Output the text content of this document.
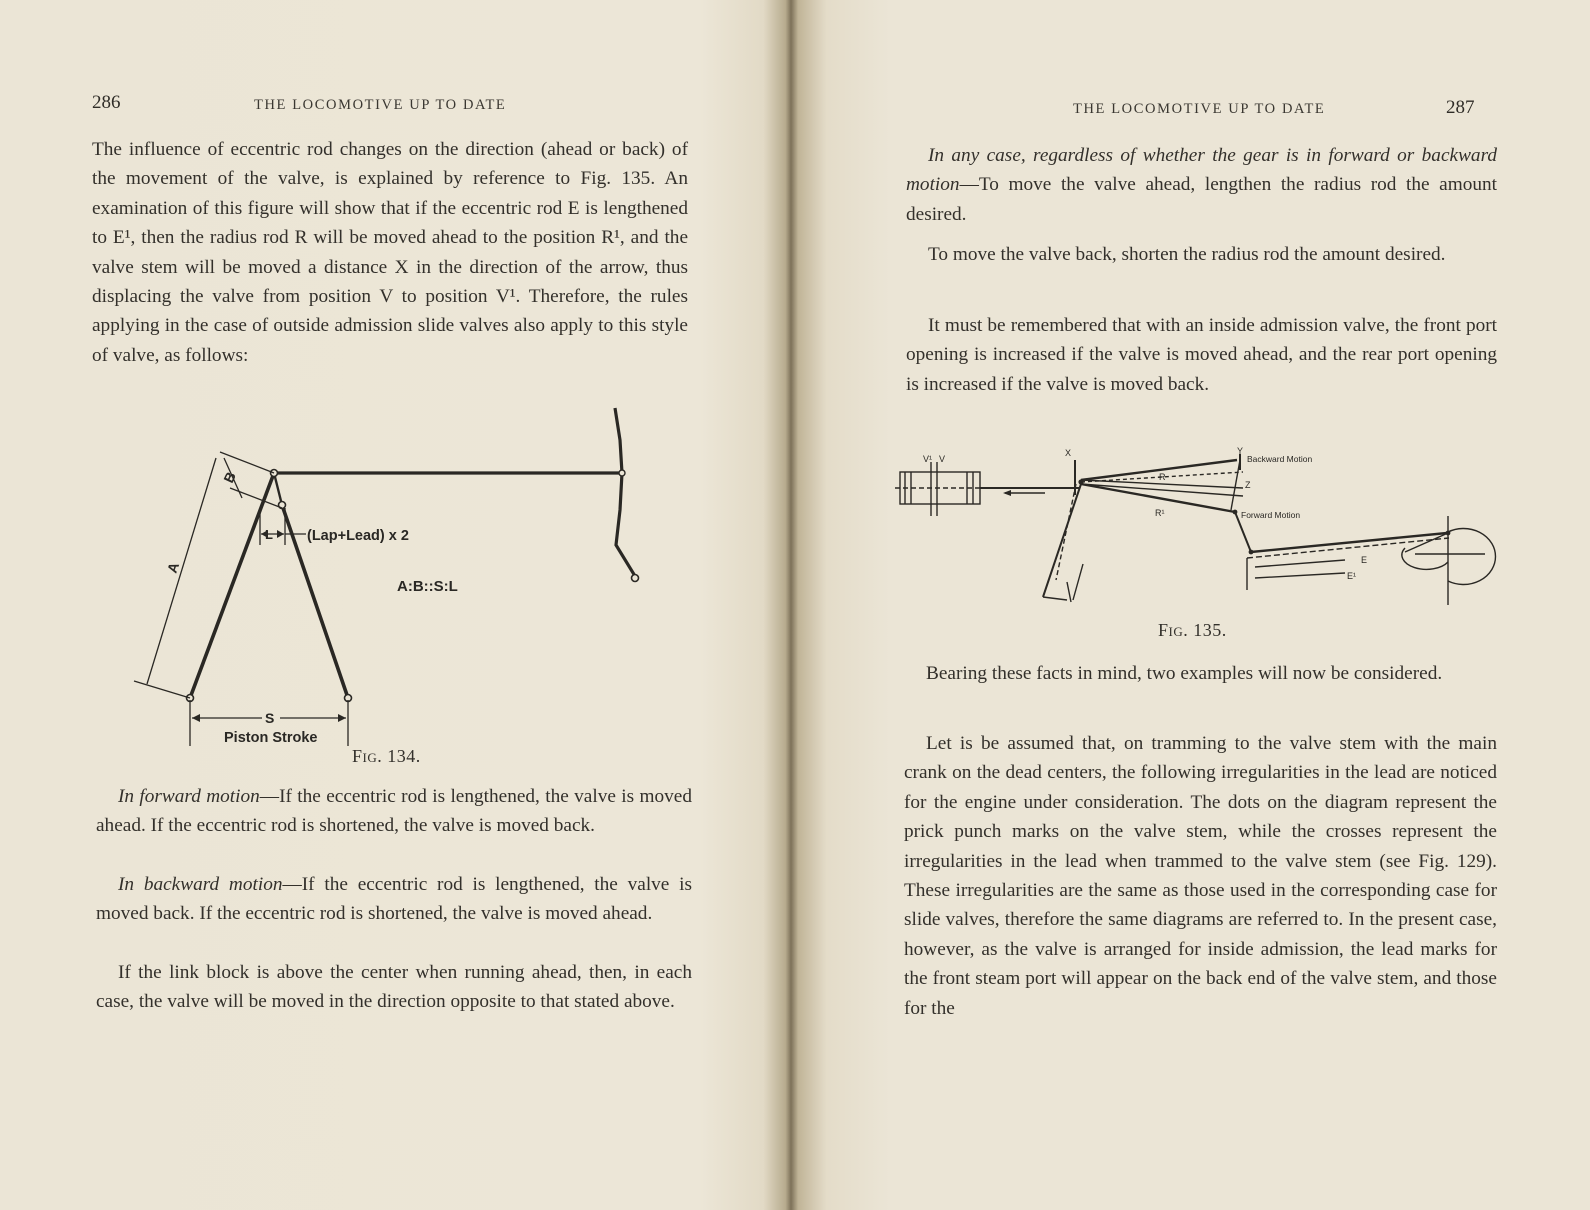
286	THE LOCOMOTIVE UP TO DATE

The influence of eccentric rod changes on the direction (ahead or back) of the movement of the valve, is explained by reference to Fig. 135. An examination of this figure will show that if the eccentric rod E is lengthened to E¹, then the radius rod R will be moved ahead to the position R¹, and the valve stem will be moved a distance X in the direction of the arrow, thus displacing the valve from position V to position V¹. Therefore, the rules applying in the case of outside admission slide valves also apply to this style of valve, as follows:

A
B
L (Lap+Lead) x 2
A:B::S:L
S
Piston Stroke
Fig. 134.

In forward motion—If the eccentric rod is lengthened, the valve is moved ahead. If the eccentric rod is shortened, the valve is moved back.

In backward motion—If the eccentric rod is lengthened, the valve is moved back. If the eccentric rod is shortened, the valve is moved ahead.

If the link block is above the center when running ahead, then, in each case, the valve will be moved in the direction opposite to that stated above.

THE LOCOMOTIVE UP TO DATE	287

In any case, regardless of whether the gear is in forward or backward motion—To move the valve ahead, lengthen the radius rod the amount desired.

To move the valve back, shorten the radius rod the amount desired.

It must be remembered that with an inside admission valve, the front port opening is increased if the valve is moved ahead, and the rear port opening is increased if the valve is moved back.

V¹ V
X	Y
Z
R
R¹
E
E¹
Backward Motion
Forward Motion
Fig. 135.

Bearing these facts in mind, two examples will now be considered.

Let is be assumed that, on tramming to the valve stem with the main crank on the dead centers, the following irregularities in the lead are noticed for the engine under consideration. The dots on the diagram represent the prick punch marks on the valve stem, while the crosses represent the irregularities in the lead when trammed to the valve stem (see Fig. 129). These irregularities are the same as those used in the corresponding case for slide valves, therefore the same diagrams are referred to. In the present case, however, as the valve is arranged for inside admission, the lead marks for the front steam port will appear on the back end of the valve stem, and those for the
